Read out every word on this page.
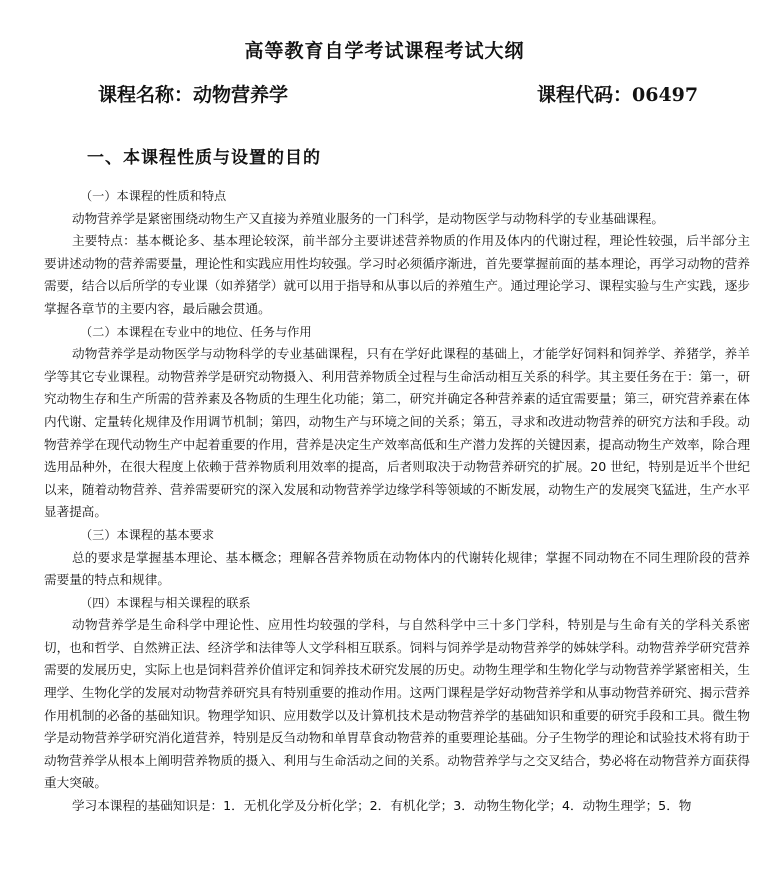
高等教育自学考试课程考试大纲
课程名称：动物营养学	课程代码：06497
一、本课程性质与设置的目的

（一）本课程的性质和特点

动物营养学是紧密围绕动物生产又直接为养殖业服务的一门科学，是动物医学与动物科学的专业基础课程。

主要特点：基本概论多、基本理论较深，前半部分主要讲述营养物质的作用及体内的代谢过程，理论性较强，后半部分主要讲述动物的营养需要量，理论性和实践应用性均较强。学习时必须循序渐进，首先要掌握前面的基本理论，再学习动物的营养需要，结合以后所学的专业课（如养猪学）就可以用于指导和从事以后的养殖生产。通过理论学习、课程实验与生产实践，逐步掌握各章节的主要内容，最后融会贯通。

（二）本课程在专业中的地位、任务与作用

动物营养学是动物医学与动物科学的专业基础课程，只有在学好此课程的基础上，才能学好饲料和饲养学、养猪学，养羊学等其它专业课程。动物营养学是研究动物摄入、利用营养物质全过程与生命活动相互关系的科学。其主要任务在于：第一，研究动物生存和生产所需的营养素及各物质的生理生化功能；第二，研究并确定各种营养素的适宜需要量；第三，研究营养素在体内代谢、定量转化规律及作用调节机制；第四，动物生产与环境之间的关系；第五，寻求和改进动物营养的研究方法和手段。动物营养学在现代动物生产中起着重要的作用，营养是决定生产效率高低和生产潜力发挥的关键因素，提高动物生产效率，除合理选用品种外，在很大程度上依赖于营养物质利用效率的提高，后者则取决于动物营养研究的扩展。20 世纪，特别是近半个世纪以来，随着动物营养、营养需要研究的深入发展和动物营养学边缘学科等领域的不断发展，动物生产的发展突飞猛进，生产水平显著提高。

（三）本课程的基本要求

总的要求是掌握基本理论、基本概念；理解各营养物质在动物体内的代谢转化规律；掌握不同动物在不同生理阶段的营养需要量的特点和规律。

（四）本课程与相关课程的联系

动物营养学是生命科学中理论性、应用性均较强的学科，与自然科学中三十多门学科，特别是与生命有关的学科关系密切，也和哲学、自然辨正法、经济学和法律等人文学科相互联系。饲料与饲养学是动物营养学的姊妹学科。动物营养学研究营养需要的发展历史，实际上也是饲料营养价值评定和饲养技术研究发展的历史。动物生理学和生物化学与动物营养学紧密相关，生理学、生物化学的发展对动物营养研究具有特别重要的推动作用。这两门课程是学好动物营养学和从事动物营养研究、揭示营养作用机制的必备的基础知识。物理学知识、应用数学以及计算机技术是动物营养学的基础知识和重要的研究手段和工具。微生物学是动物营养学研究消化道营养，特别是反刍动物和单胃草食动物营养的重要理论基础。分子生物学的理论和试验技术将有助于动物营养学从根本上阐明营养物质的摄入、利用与生命活动之间的关系。动物营养学与之交叉结合，势必将在动物营养方面获得重大突破。

学习本课程的基础知识是：1．无机化学及分析化学；2．有机化学；3．动物生物化学；4．动物生理学；5．物
